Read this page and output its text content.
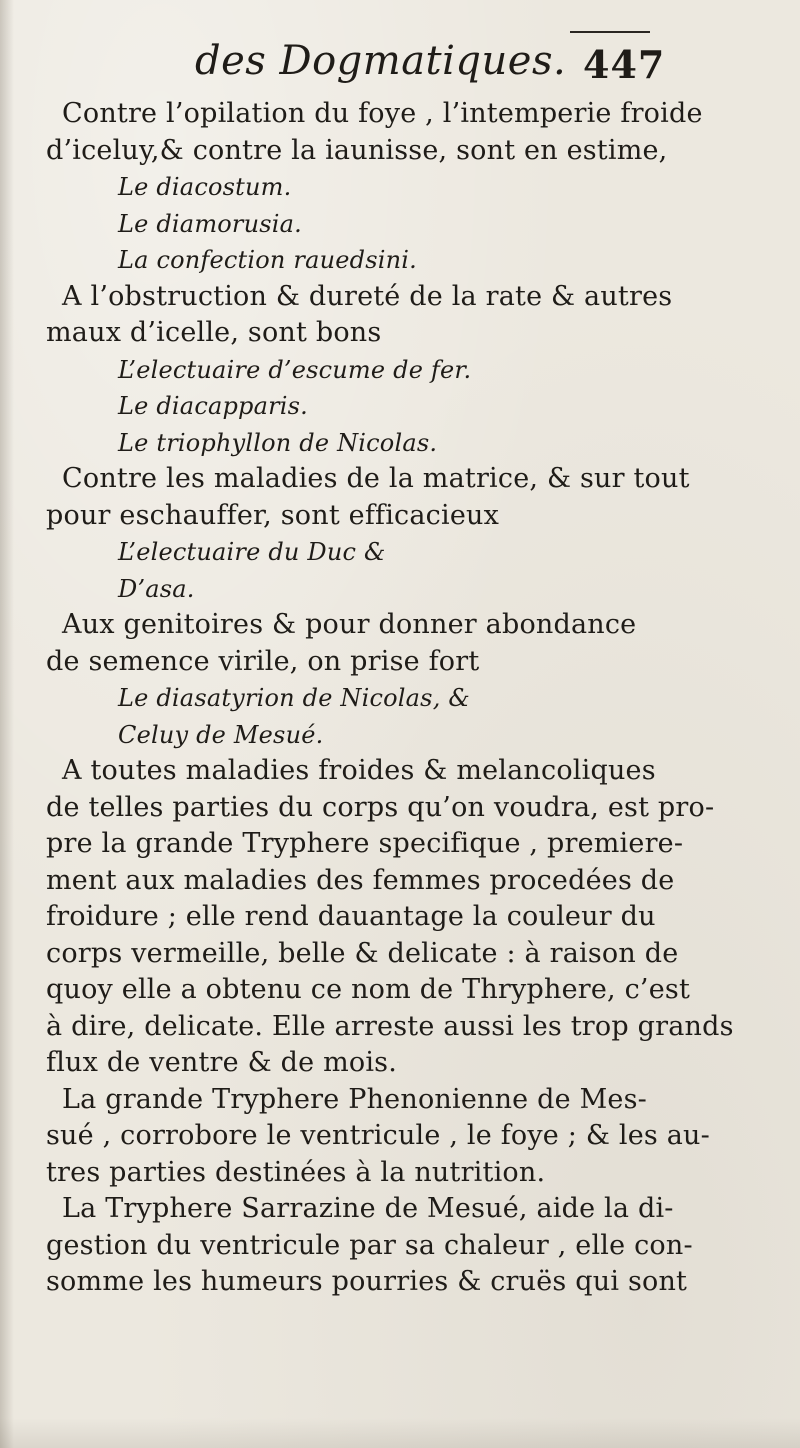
des Dogmatiques. 447
Contre l’opilation du foye , l’intemperie froide
d’iceluy,& contre la iaunisse, sont en estime,
Le diacostum.
Le diamorusia.
La confection rauedsini.
A l’obstruction & dureté de la rate & autres
maux d’icelle, sont bons
L’electuaire d’escume de fer.
Le diacapparis.
Le triophyllon de Nicolas.
Contre les maladies de la matrice, & sur tout
pour eschauffer, sont efficacieux
L’electuaire du Duc &
D’asa.
Aux genitoires & pour donner abondance
de semence virile, on prise fort
Le diasatyrion de Nicolas, &
Celuy de Mesué.
A toutes maladies froides & melancoliques
de telles parties du corps qu’on voudra, est pro-
pre la grande Tryphere specifique , premiere-
ment aux maladies des femmes procedées de
froidure ; elle rend dauantage la couleur du
corps vermeille, belle & delicate : à raison de
quoy elle a obtenu ce nom de Thryphere, c’est
à dire, delicate. Elle arreste aussi les trop grands
flux de ventre & de mois.
La grande Tryphere Phenonienne de Mes-
sué , corrobore le ventricule , le foye ; & les au-
tres parties destinées à la nutrition.
La Tryphere Sarrazine de Mesué, aide la di-
gestion du ventricule par sa chaleur , elle con-
somme les humeurs pourries & cruës qui sont
